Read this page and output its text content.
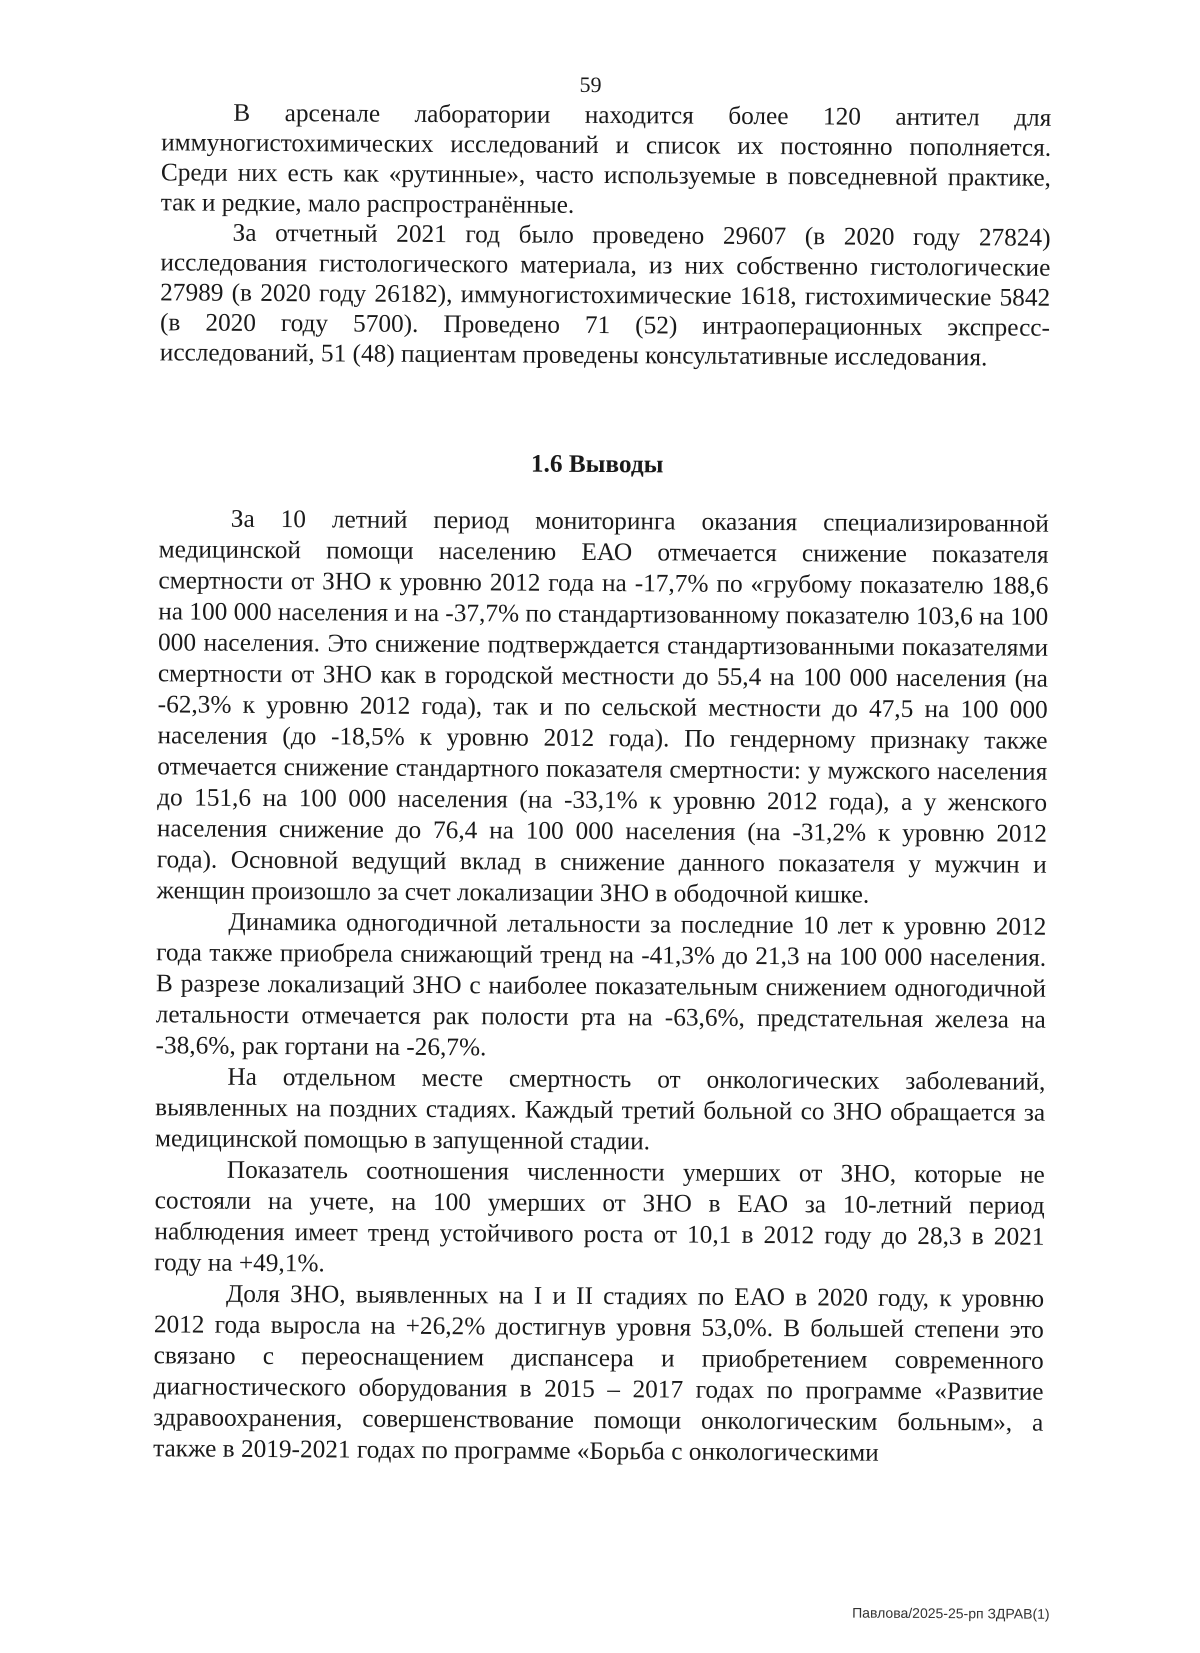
59

В арсенале лаборатории находится более 120 антител для иммуногистохимических исследований и список их постоянно пополняется. Среди них есть как «рутинные», часто используемые в повседневной практике, так и редкие, мало распространённые.

За отчетный 2021 год было проведено 29607 (в 2020 году 27824) исследования гистологического материала, из них собственно гистологические 27989 (в 2020 году 26182), иммуногистохимические 1618, гистохимические 5842 (в 2020 году 5700). Проведено 71 (52) интраоперационных экспресс-исследований, 51 (48) пациентам проведены консультативные исследования.

1.6 Выводы

За 10 летний период мониторинга оказания специализированной медицинской помощи населению ЕАО отмечается снижение показателя смертности от ЗНО к уровню 2012 года на -17,7% по «грубому показателю 188,6 на 100 000 населения и на -37,7% по стандартизованному показателю 103,6 на 100 000 населения. Это снижение подтверждается стандартизованными показателями смертности от ЗНО как в городской местности до 55,4 на 100 000 населения (на -62,3% к уровню 2012 года), так и по сельской местности до 47,5 на 100 000 населения (до -18,5% к уровню 2012 года). По гендерному признаку также отмечается снижение стандартного показателя смертности: у мужского населения до 151,6 на 100 000 населения (на -33,1% к уровню 2012 года), а у женского населения снижение до 76,4 на 100 000 населения (на -31,2% к уровню 2012 года). Основной ведущий вклад в снижение данного показателя у мужчин и женщин произошло за счет локализации ЗНО в ободочной кишке.

Динамика одногодичной летальности за последние 10 лет к уровню 2012 года также приобрела снижающий тренд на -41,3% до 21,3 на 100 000 населения. В разрезе локализаций ЗНО с наиболее показательным снижением одногодичной летальности отмечается рак полости рта на -63,6%, предстательная железа на -38,6%, рак гортани на -26,7%.

На отдельном месте смертность от онкологических заболеваний, выявленных на поздних стадиях. Каждый третий больной со ЗНО обращается за медицинской помощью в запущенной стадии.

Показатель соотношения численности умерших от ЗНО, которые не состояли на учете, на 100 умерших от ЗНО в ЕАО за 10-летний период наблюдения имеет тренд устойчивого роста от 10,1 в 2012 году до 28,3 в 2021 году на +49,1%.

Доля ЗНО, выявленных на I и II стадиях по ЕАО в 2020 году, к уровню 2012 года выросла на +26,2% достигнув уровня 53,0%. В большей степени это связано с переоснащением диспансера и приобретением современного диагностического оборудования в 2015 – 2017 годах по программе «Развитие здравоохранения, совершенствование помощи онкологическим больным», а также в 2019-2021 годах по программе «Борьба с онкологическими

Павлова/2025-25-рп ЗДРАВ(1)
